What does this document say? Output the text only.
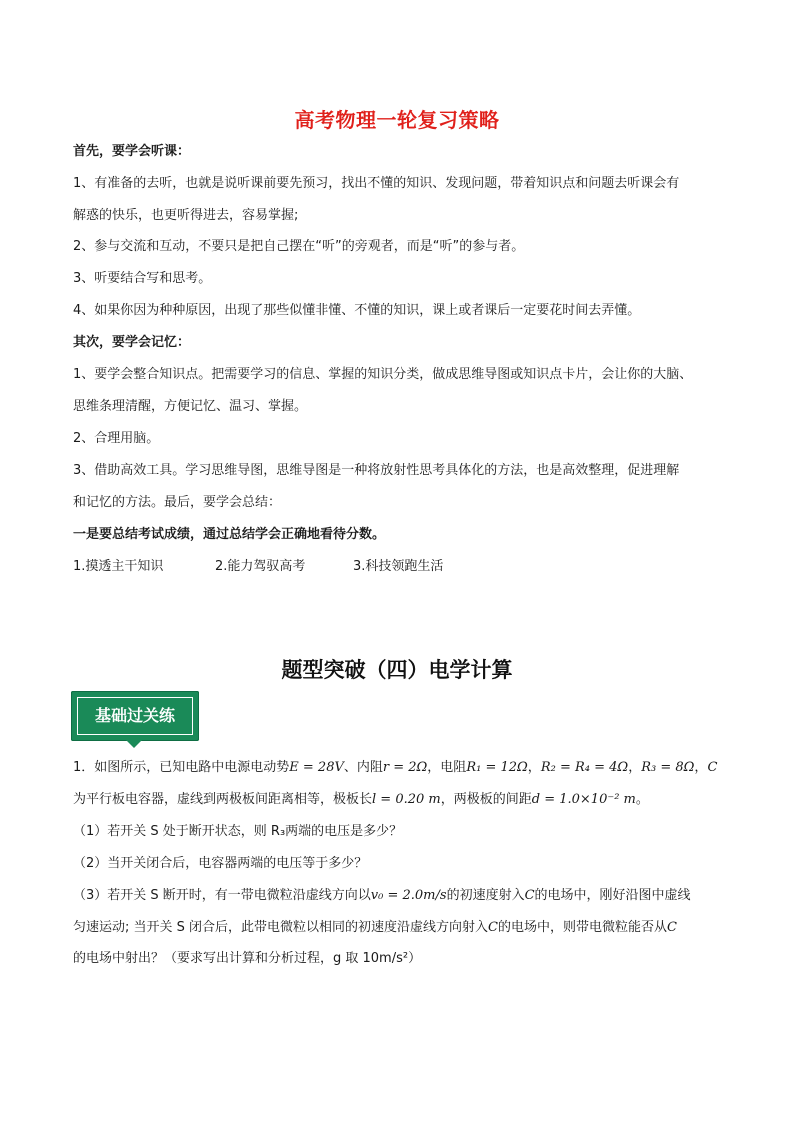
高考物理一轮复习策略
首先，要学会听课：
1、有准备的去听，也就是说听课前要先预习，找出不懂的知识、发现问题，带着知识点和问题去听课会有
解惑的快乐，也更听得进去，容易掌握;
2、参与交流和互动，不要只是把自己摆在“听”的旁观者，而是“听”的参与者。
3、听要结合写和思考。
4、如果你因为种种原因，出现了那些似懂非懂、不懂的知识，课上或者课后一定要花时间去弄懂。
其次，要学会记忆：
1、要学会整合知识点。把需要学习的信息、掌握的知识分类，做成思维导图或知识点卡片，会让你的大脑、
思维条理清醒，方便记忆、温习、掌握。
2、合理用脑。
3、借助高效工具。学习思维导图，思维导图是一种将放射性思考具体化的方法，也是高效整理，促进理解
和记忆的方法。最后，要学会总结：
一是要总结考试成绩，通过总结学会正确地看待分数。
1.摸透主干知识	2.能力驾驭高考	3.科技领跑生活
题型突破（四）电学计算
基础过关练
1．如图所示，已知电路中电源电动势E = 28V、内阻r = 2Ω，电阻R₁ = 12Ω，R₂ = R₄ = 4Ω，R₃ = 8Ω，C
为平行板电容器，虚线到两极板间距离相等，极板长l = 0.20 m，两极板的间距d = 1.0×10⁻² m。
（1）若开关 S 处于断开状态，则 R₃两端的电压是多少？
（2）当开关闭合后，电容器两端的电压等于多少？
（3）若开关 S 断开时，有一带电微粒沿虚线方向以v₀ = 2.0m/s的初速度射入C的电场中，刚好沿图中虚线
匀速运动; 当开关 S 闭合后，此带电微粒以相同的初速度沿虚线方向射入C的电场中，则带电微粒能否从C
的电场中射出？（要求写出计算和分析过程，g 取 10m/s²）
